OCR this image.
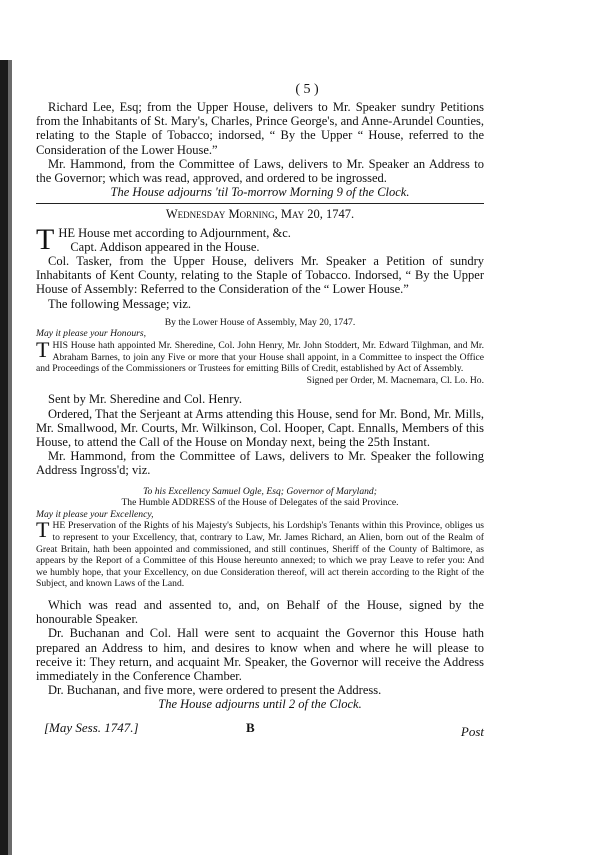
( 5 )

Richard Lee, Esq; from the Upper House, delivers to Mr. Speaker sundry Petitions from the Inhabitants of St. Mary's, Charles, Prince George's, and Anne-Arundel Counties, relating to the Staple of Tobacco; indorsed, “ By the Upper “ House, referred to the Consideration of the Lower House.”

Mr. Hammond, from the Committee of Laws, delivers to Mr. Speaker an Address to the Governor; which was read, approved, and ordered to be ingrossed.

The House adjourns 'til To-morrow Morning 9 of the Clock.

Wednesday Morning, May 20, 1747.

THE House met according to Adjournment, &c.

Capt. Addison appeared in the House.

Col. Tasker, from the Upper House, delivers Mr. Speaker a Petition of sundry Inhabitants of Kent County, relating to the Staple of Tobacco. Indorsed, “ By the Upper House of Assembly: Referred to the Consideration of the “ Lower House.”

The following Message; viz.

By the Lower House of Assembly, May 20, 1747.

May it please your Honours,

THIS House hath appointed Mr. Sheredine, Col. John Henry, Mr. John Stoddert, Mr. Edward Tilghman, and Mr. Abraham Barnes, to join any Five or more that your House shall appoint, in a Committee to inspect the Office and Proceedings of the Commissioners or Trustees for emitting Bills of Credit, established by Act of Assembly.

Signed per Order, M. Macnemara, Cl. Lo. Ho.

Sent by Mr. Sheredine and Col. Henry.

Ordered, That the Serjeant at Arms attending this House, send for Mr. Bond, Mr. Mills, Mr. Smallwood, Mr. Courts, Mr. Wilkinson, Col. Hooper, Capt. Ennalls, Members of this House, to attend the Call of the House on Monday next, being the 25th Instant.

Mr. Hammond, from the Committee of Laws, delivers to Mr. Speaker the following Address Ingross'd; viz.

To his Excellency Samuel Ogle, Esq; Governor of Maryland;

The Humble ADDRESS of the House of Delegates of the said Province.

May it please your Excellency,

THE Preservation of the Rights of his Majesty's Subjects, his Lordship's Tenants within this Province, obliges us to represent to your Excellency, that, contrary to Law, Mr. James Richard, an Alien, born out of the Realm of Great Britain, hath been appointed and commissioned, and still continues, Sheriff of the County of Baltimore, as appears by the Report of a Committee of this House hereunto annexed; to which we pray Leave to refer you: And we humbly hope, that your Excellency, on due Consideration thereof, will act therein according to the Right of the Subject, and known Laws of the Land.

Which was read and assented to, and, on Behalf of the House, signed by the honourable Speaker.

Dr. Buchanan and Col. Hall were sent to acquaint the Governor this House hath prepared an Address to him, and desires to know when and where he will please to receive it: They return, and acquaint Mr. Speaker, the Governor will receive the Address immediately in the Conference Chamber.

Dr. Buchanan, and five more, were ordered to present the Address.

The House adjourns until 2 of the Clock.

[May Sess. 1747.]	B	Post
